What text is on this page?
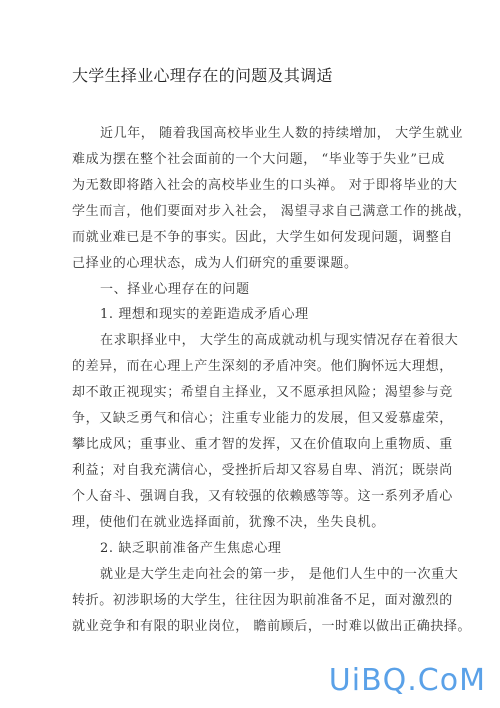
大学生择业心理存在的问题及其调适
近几年， 随着我国高校毕业生人数的持续增加， 大学生就业
难成为摆在整个社会面前的一个大问题， “毕业等于失业”已成
为无数即将踏入社会的高校毕业生的口头禅。 对于即将毕业的大
学生而言，他们要面对步入社会， 渴望寻求自己满意工作的挑战，
而就业难已是不争的事实。因此，大学生如何发现问题，调整自
己择业的心理状态，成为人们研究的重要课题。
一、择业心理存在的问题
1. 理想和现实的差距造成矛盾心理
在求职择业中， 大学生的高成就动机与现实情况存在着很大
的差异，而在心理上产生深刻的矛盾冲突。他们胸怀远大理想，
却不敢正视现实；希望自主择业，又不愿承担风险；渴望参与竞
争，又缺乏勇气和信心；注重专业能力的发展，但又爱慕虚荣，
攀比成风；重事业、重才智的发挥，又在价值取向上重物质、重
利益；对自我充满信心，受挫折后却又容易自卑、消沉；既崇尚
个人奋斗、强调自我，又有较强的依赖感等等。这一系列矛盾心
理，使他们在就业选择面前，犹豫不决，坐失良机。
2. 缺乏职前准备产生焦虑心理
就业是大学生走向社会的第一步， 是他们人生中的一次重大
转折。初涉职场的大学生，往往因为职前准备不足，面对激烈的
就业竞争和有限的职业岗位， 瞻前顾后，一时难以做出正确抉择。
UiBQ.CoM
